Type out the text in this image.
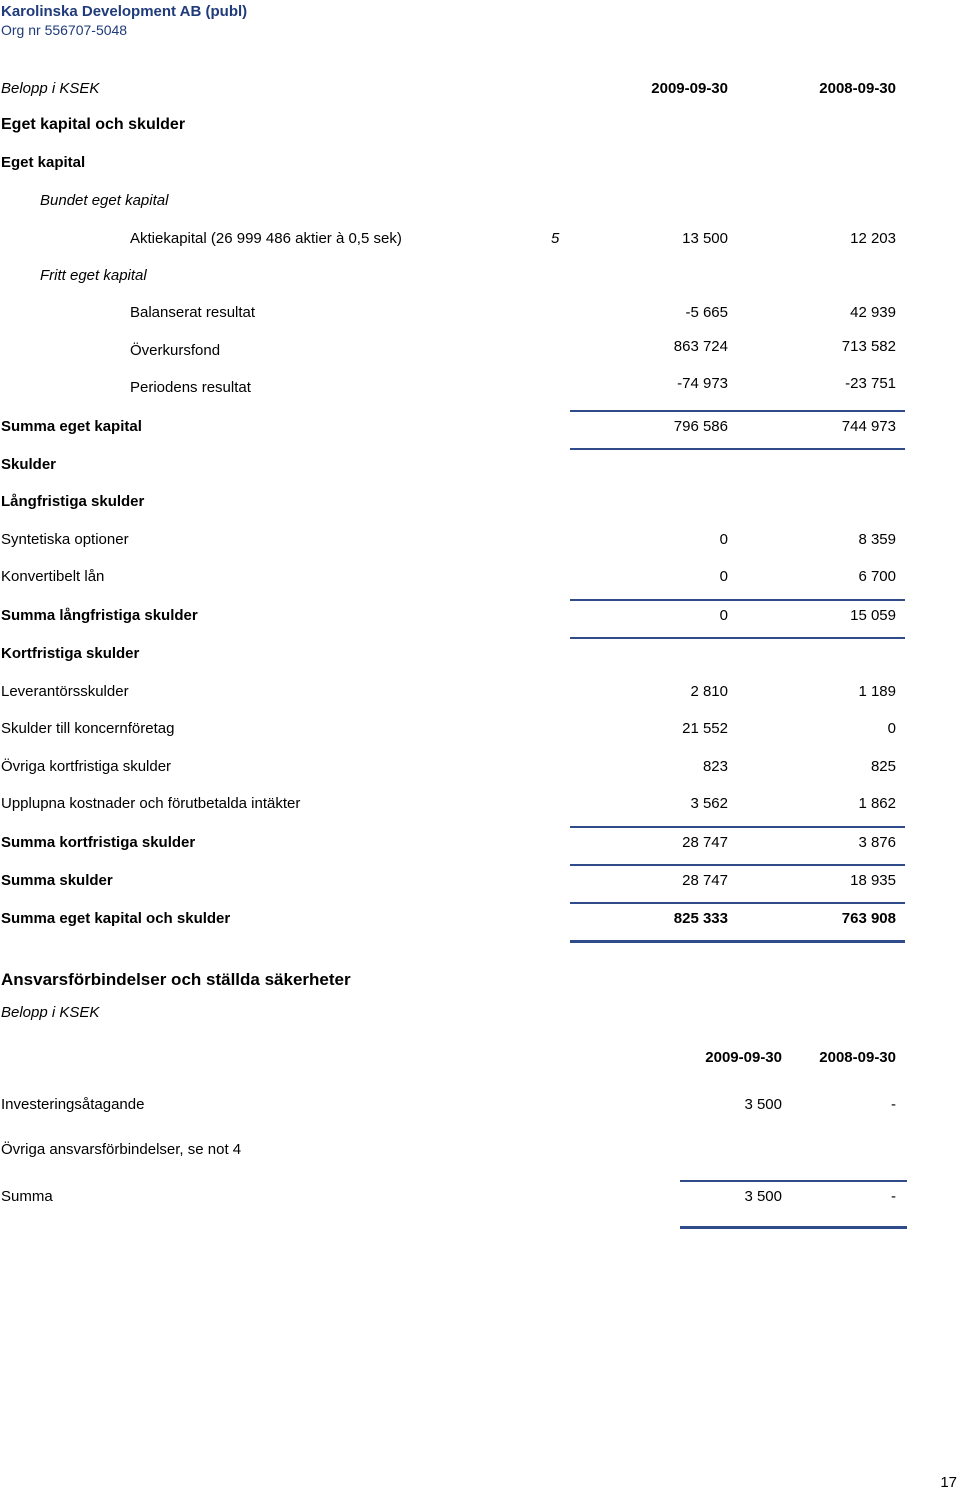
Karolinska Development AB (publ)
Org nr 556707-5048
Belopp i KSEK	2009-09-30	2008-09-30
Eget kapital och skulder
Eget kapital
Bundet eget kapital
Aktiekapital (26 999 486 aktier à 0,5 sek)	5	13 500	12 203
Fritt eget kapital
Balanserat resultat	-5 665	42 939
Överkursfond	863 724	713 582
Periodens resultat	-74 973	-23 751
Summa eget kapital	796 586	744 973
Skulder
Långfristiga skulder
Syntetiska optioner	0	8 359
Konvertibelt lån	0	6 700
Summa långfristiga skulder	0	15 059
Kortfristiga skulder
Leverantörsskulder	2 810	1 189
Skulder till koncernföretag	21 552	0
Övriga kortfristiga skulder	823	825
Upplupna kostnader och förutbetalda intäkter	3 562	1 862
Summa kortfristiga skulder	28 747	3 876
Summa skulder	28 747	18 935
Summa eget kapital och skulder	825 333	763 908
Ansvarsförbindelser och ställda säkerheter
Belopp i KSEK
2009-09-30 2008-09-30
Investeringsåtagande	3 500	-
Övriga ansvarsförbindelser, se not 4
Summa	3 500	-
17
